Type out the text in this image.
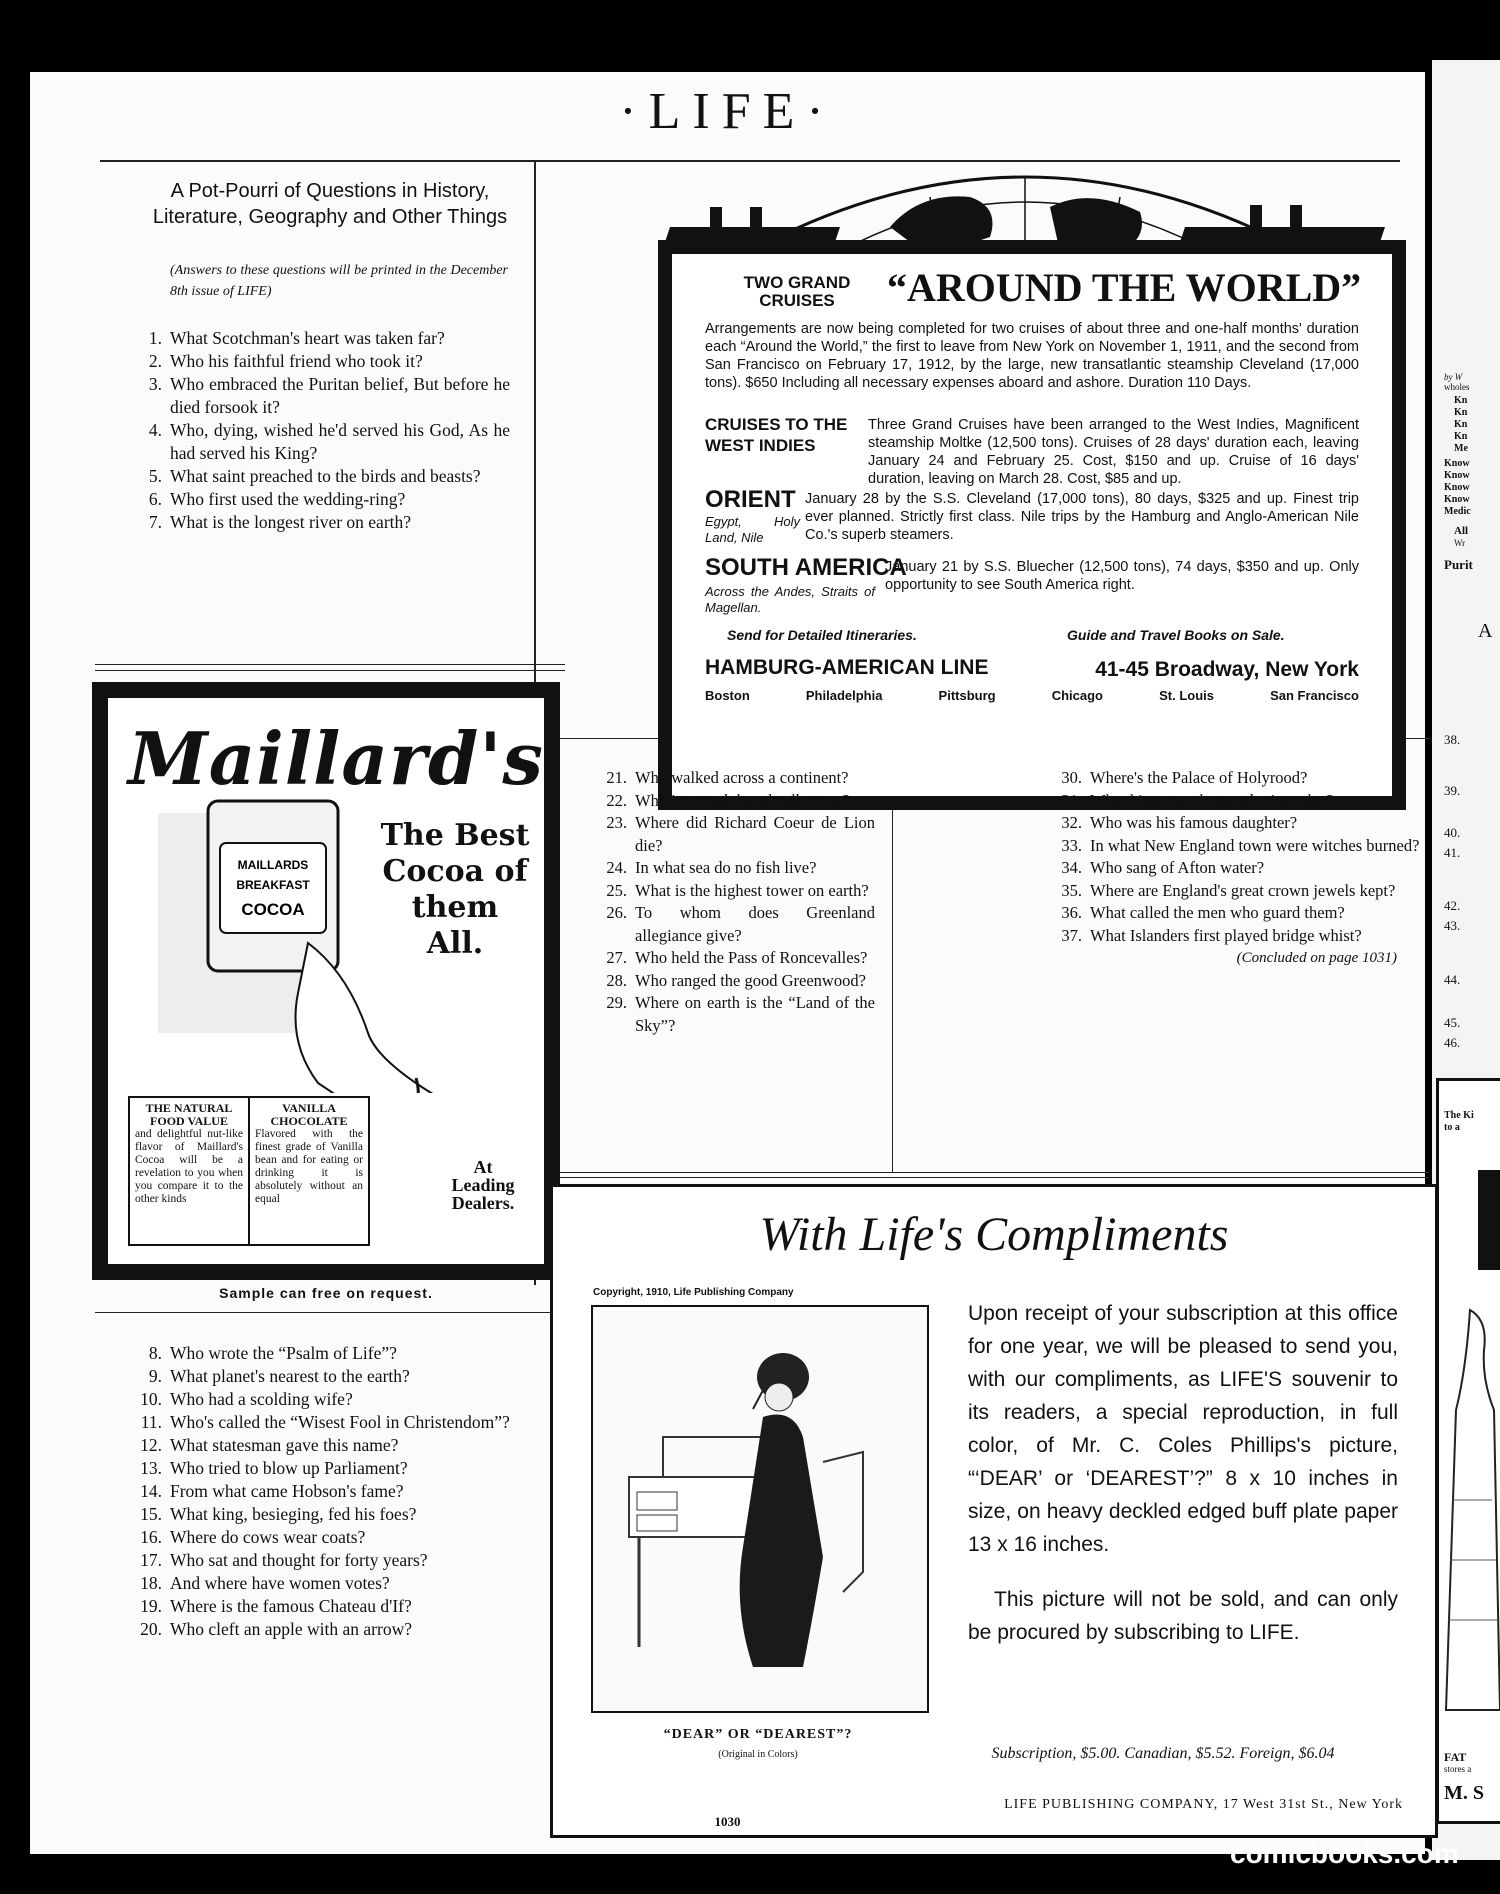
by W
wholes
Kn
Kn
Kn
Kn
Me
Know
Know
Know
Know
Medic
All
Wr
Purit
A
38.
39.
40.
41.
42.
43.
44.
45.
46.
The Ki
to a
FAT
stores a
M. S
·LIFE·
A Pot-Pourri of Questions in History, Literature, Geography and Other Things
(Answers to these questions will be printed in the December 8th issue of LIFE)
1. What Scotchman's heart was taken far?
2. Who his faithful friend who took it?
3. Who embraced the Puritan belief, But before he died forsook it?
4. Who, dying, wished he'd served his God, As he had served his King?
5. What saint preached to the birds and beasts?
6. Who first used the wedding-ring?
7. What is the longest river on earth?
Maillard's
The Best Cocoa of them All.
MAILLARDS
BREAKFAST
COCOA
THE NATURAL FOOD VALUE
and delightful nut-like flavor of Maillard's Cocoa will be a revelation to you when you compare it to the other kinds
VANILLA CHOCOLATE
Flavored with the finest grade of Vanilla bean and for eating or drinking it is absolutely without an equal
At Leading Dealers.
Sample can free on request.
8. Who wrote the “Psalm of Life”?
9. What planet's nearest to the earth?
10. Who had a scolding wife?
11. Who's called the “Wisest Fool in Christendom”?
12. What statesman gave this name?
13. Who tried to blow up Parliament?
14. From what came Hobson's fame?
15. What king, besieging, fed his foes?
16. Where do cows wear coats?
17. Who sat and thought for forty years?
18. And where have women votes?
19. Where is the famous Chateau d'If?
20. Who cleft an apple with an arrow?
TWO GRAND CRUISES	“AROUND THE WORLD”
Arrangements are now being completed for two cruises of about three and one-half months' duration each “Around the World,” the first to leave from New York on November 1, 1911, and the second from San Francisco on February 17, 1912, by the large, new transatlantic steamship Cleveland (17,000 tons). $650 Including all necessary expenses aboard and ashore. Duration 110 Days.
CRUISES TO THE WEST INDIES
Three Grand Cruises have been arranged to the West Indies, Magnificent steamship Moltke (12,500 tons). Cruises of 28 days' duration each, leaving January 24 and February 25. Cost, $150 and up. Cruise of 16 days' duration, leaving on March 28. Cost, $85 and up.
ORIENT
Egypt, Holy Land, Nile
January 28 by the S.S. Cleveland (17,000 tons), 80 days, $325 and up. Finest trip ever planned. Strictly first class. Nile trips by the Hamburg and Anglo-American Nile Co.'s superb steamers.
SOUTH AMERICA
Across the Andes, Straits of Magellan.
January 21 by S.S. Bluecher (12,500 tons), 74 days, $350 and up. Only opportunity to see South America right.
Send for Detailed Itineraries.	Guide and Travel Books on Sale.
HAMBURG-AMERICAN LINE	41-45 Broadway, New York
Boston	Philadelphia	Pittsburg	Chicago	St. Louis	San Francisco
21. Who walked across a continent?
22. Who invented the wheelbarrow?
23. Where did Richard Coeur de Lion die?
24. In what sea do no fish live?
25. What is the highest tower on earth?
26. To whom does Greenland allegiance give?
27. Who held the Pass of Roncevalles?
28. Who ranged the good Greenwood?
29. Where on earth is the “Land of the Sky”?
30. Where's the Palace of Holyrood?
31. What king most honored minstrelsy?
32. Who was his famous daughter?
33. In what New England town were witches burned?
34. Who sang of Afton water?
35. Where are England's great crown jewels kept?
36. What called the men who guard them?
37. What Islanders first played bridge whist?
(Concluded on page 1031)
With Life's Compliments
Copyright, 1910, Life Publishing Company
“DEAR” OR “DEAREST”?
(Original in Colors)
Upon receipt of your subscription at this office for one year, we will be pleased to send you, with our compliments, as LIFE'S souvenir to its readers, a special reproduction, in full color, of Mr. C. Coles Phillips's picture, “‘DEAR’ or ‘DEAREST’?” 8 x 10 inches in size, on heavy deckled edged buff plate paper 13 x 16 inches.
This picture will not be sold, and can only be procured by subscribing to LIFE.
Subscription, $5.00. Canadian, $5.52. Foreign, $6.04
LIFE PUBLISHING COMPANY, 17 West 31st St., New York
1030
comicbooks.com
